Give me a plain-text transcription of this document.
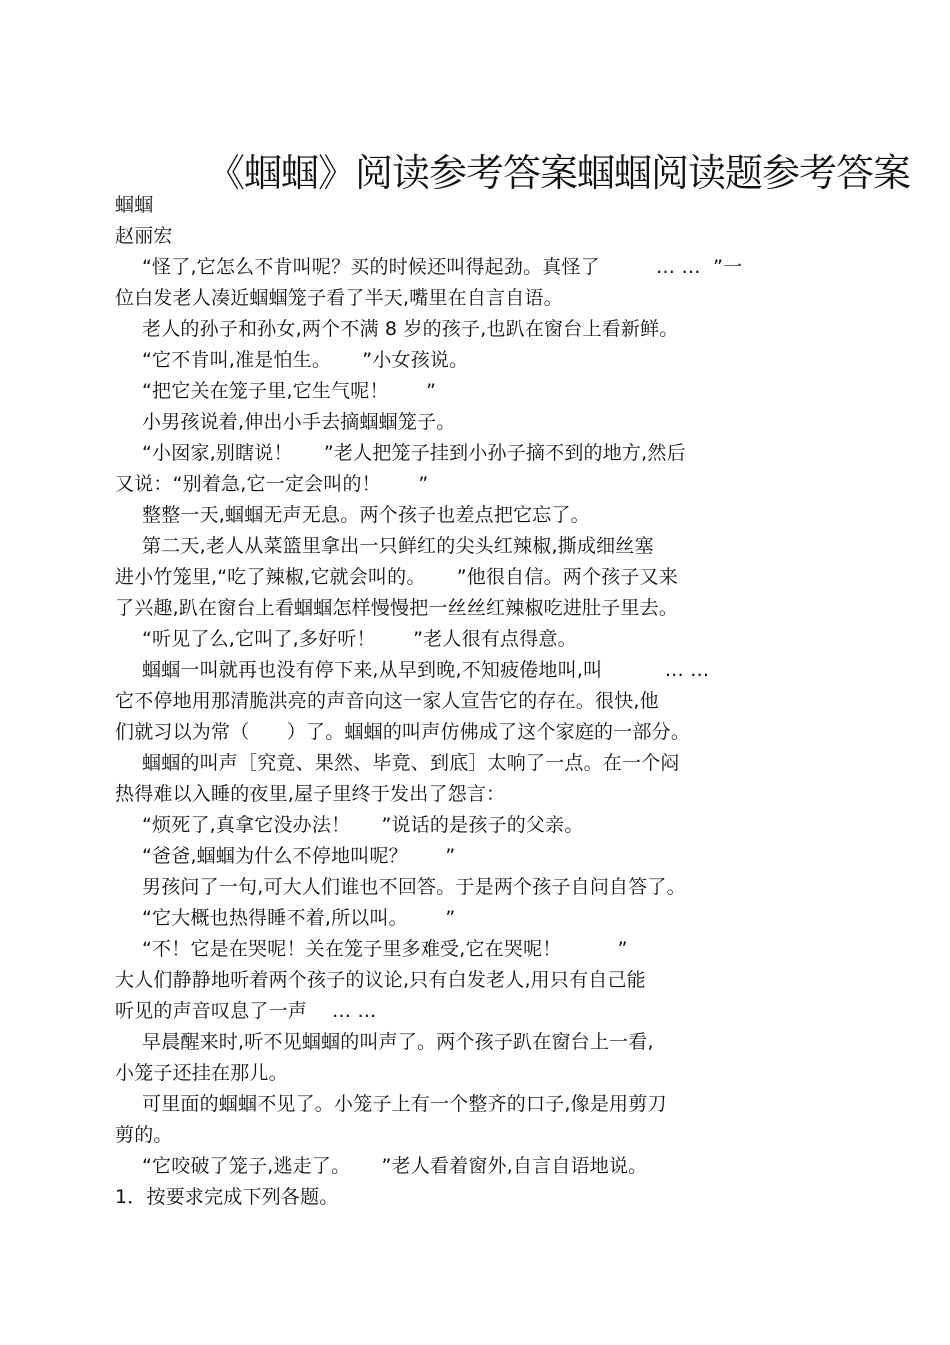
《蝈蝈》阅读参考答案蝈蝈阅读题参考答案
蝈蝈
赵丽宏
“怪了,它怎么不肯叫呢？买的时候还叫得起劲。真怪了         … …  ”一
位白发老人凑近蝈蝈笼子看了半天,嘴里在自言自语。
老人的孙子和孙女,两个不满 8 岁的孩子,也趴在窗台上看新鲜。
“它不肯叫,准是怕生。     ”小女孩说。
“把它关在笼子里,它生气呢！      ”
小男孩说着,伸出小手去摘蝈蝈笼子。
“小囡家,别瞎说！     ”老人把笼子挂到小孙子摘不到的地方,然后
又说：“别着急,它一定会叫的！      ”
整整一天,蝈蝈无声无息。两个孩子也差点把它忘了。
第二天,老人从菜篮里拿出一只鲜红的尖头红辣椒,撕成细丝塞
进小竹笼里,“吃了辣椒,它就会叫的。     ”他很自信。两个孩子又来
了兴趣,趴在窗台上看蝈蝈怎样慢慢把一丝丝红辣椒吃进肚子里去。
“听见了么,它叫了,多好听！      ”老人很有点得意。
蝈蝈一叫就再也没有停下来,从早到晚,不知疲倦地叫,叫          … …
它不停地用那清脆洪亮的声音向这一家人宣告它的存在。很快,他
们就习以为常（      ）了。蝈蝈的叫声仿佛成了这个家庭的一部分。
蝈蝈的叫声［究竟、果然、毕竟、到底］太响了一点。在一个闷
热得难以入睡的夜里,屋子里终于发出了怨言：
“烦死了,真拿它没办法！     ”说话的是孩子的父亲。
“爸爸,蝈蝈为什么不停地叫呢？      ”
男孩问了一句,可大人们谁也不回答。于是两个孩子自问自答了。
“它大概也热得睡不着,所以叫。      ”
“不！它是在哭呢！关在笼子里多难受,它在哭呢！         ”
大人们静静地听着两个孩子的议论,只有白发老人,用只有自己能
听见的声音叹息了一声    … …
早晨醒来时,听不见蝈蝈的叫声了。两个孩子趴在窗台上一看,
小笼子还挂在那儿。
可里面的蝈蝈不见了。小笼子上有一个整齐的口子,像是用剪刀
剪的。
“它咬破了笼子,逃走了。     ”老人看着窗外,自言自语地说。
1．按要求完成下列各题。
